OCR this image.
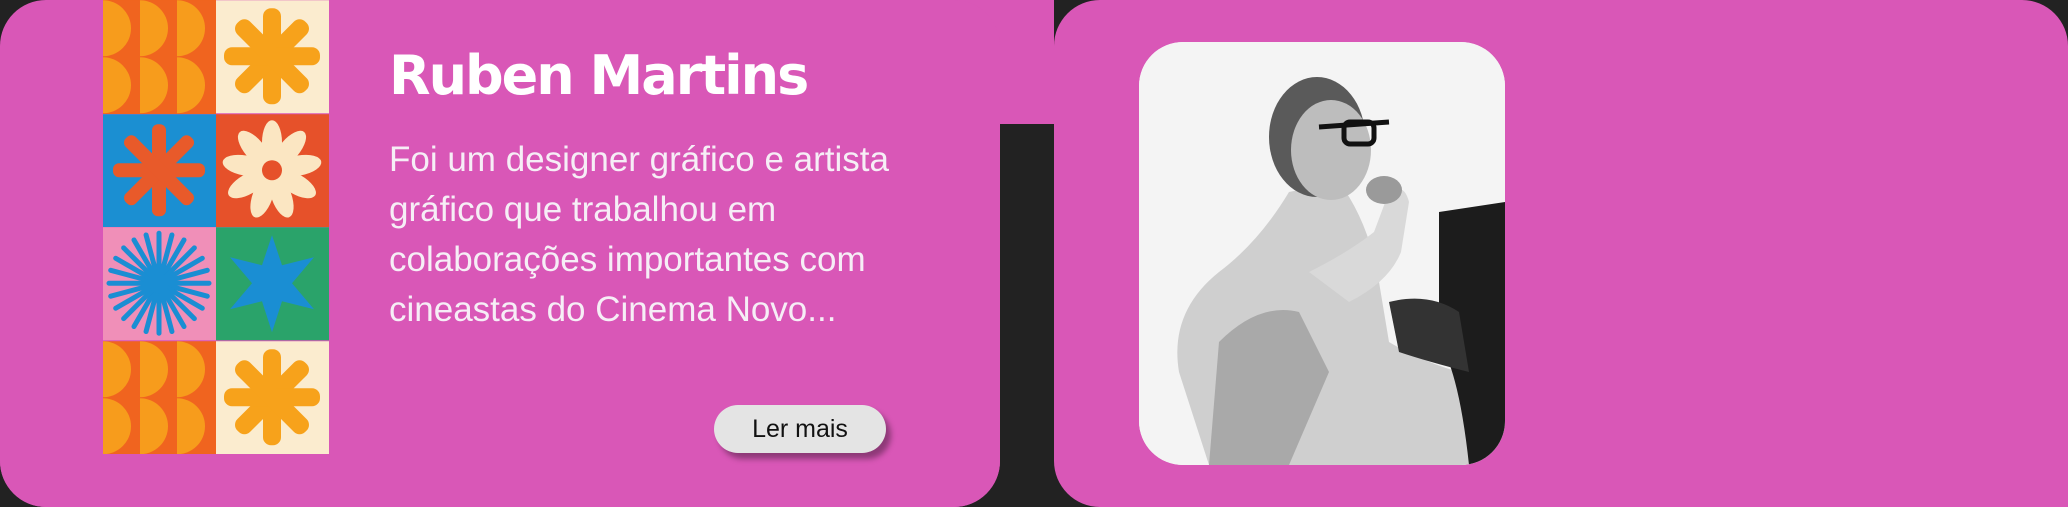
Ruben Martins

Foi um designer gráfico e artista gráfico que trabalhou em colaborações importantes com cineastas do Cinema Novo...

Ler mais
